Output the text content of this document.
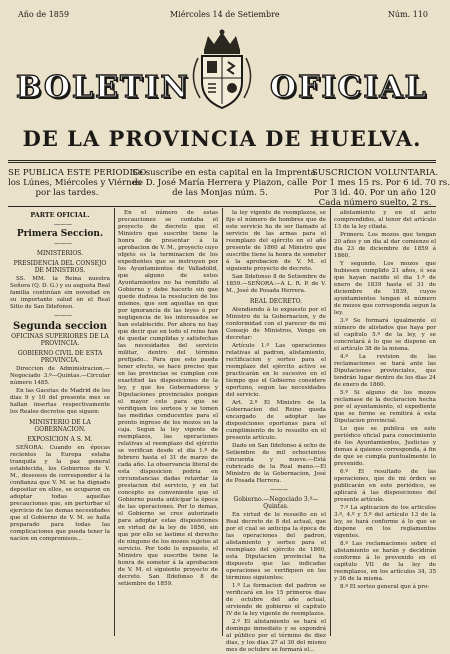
Año de 1859	Miércoles 14 de Setiembre	Núm. 110
BOLETIN	OFICIAL
DE LA PROVINCIA DE HUELVA.
SE PUBLICA ESTE PERIODICO
los Lúnes, Miércoles y Viérnes
por las tardes.
Se suscribe en esta capital en la Imprenta
de D. José María Herrera y Piazon, calle
de las Monjas núm. 5.
SUSCRICION VOLUNTARIA.
Por 1 mes 15 rs. Por 6 id. 70 rs.
Por 3 id. 40. Por un año 120
Cada número suelto, 2 rs.

PARTE OFICIAL.

———

Primera Seccion.

———

MINISTERIOS.

PRESIDENCIA DEL CONSEJO DE MINISTROS.

SS. MM. la Reina nuestra Señora (Q. D. G.) y su augusta Real familia continúan sin novedad en su importante salud en el Real Sitio de San Ildefonso.

———

Segunda seccion

OFICINAS SUPERIORES DE LA PROVINCIA.

GOBIERNO CIVIL DE ESTA PROVINCIA.

Direccion de Administracion.—Negociado 3.º—Quintas.—Circular número 1485.

En las Gacetas de Madrid de los dias 9 y 10 del presente mes se hallan insertas respectivamente los Reales decretos que siguen:

MINISTERIO DE LA GOBERNACION.

EXPOSICION A S. M.

SEÑORA: Cuando en épocas recientes la Europa estaba tranquila y la paz general establecida, los Gobiernos de V. M., deseosos de corresponder á la confianza que V. M. se ha dignado depositar en ellos, se ocuparon en adoptar todas aquellas precauciones que, sin perturbar el ejercicio de las demas necesidades que el Gobierno de V. M. se halla preparado para todas las complicaciones que pueda tener la nacion en compromisos...

En el número de estas precauciones se contaba el proyecto de decreto que el Ministro que suscribe tiene la honra de presentar á la aprobacion de V. M., proyecto cuyo objeto es la terminacion de los expedientes que se instruyen por los Ayuntamientos de Valladolid, que alguno de estos Ayuntamientos no ha remitido al Gobierno y debe hacerlo sin que quede dudosa la resolucion de los mismos, que son aquellas en que por ignorancia de las leyes ó por negligencia de los interesados se han establecido. Por ahora no hay que decir que en todo el reino han de quedar cumplidas y satisfechas las necesidades del servicio militar, dentro del término prefijado... Para que esto pueda tener efecto, se hace preciso que en las provincias se cumplan con exactitud las disposiciones de la ley, y que los Gobernadores y Diputaciones provinciales pongan el mayor celo para que se verifiquen los sorteos y se tomen las medidas conducentes para el pronto ingreso de los mozos en la caja. Segun la ley vigente de reemplazos, las operaciones relativas al reemplazo del ejército se verifican desde el dia 1.º de febrero hasta el 31 de marzo de cada año. La observancia literal de esta disposicion podria en circunstancias dadas retardar la prestacion del servicio, y en tal concepto es conveniente que el Gobierno pueda anticipar la época de las operaciones. Por lo demas, el Gobierno se cree autorizado para adoptar estas disposiciones en virtud de la ley de 1856, sin que por ello se lastime el derecho de ninguno de los mozos sujetos al servicio. Por todo lo expuesto, el Ministro que suscribe tiene la honra de someter á la aprobacion de V. M. el siguiente proyecto de decreto. San Ildefonso 8 de setiembre de 1859.

la ley vigente de reemplazos, se fije el número de hombres que de este servicio ha de ser llamado al servicio de las armas para el reemplazo del ejército en el año presente de 1860 al Ministro que suscribe tiene la honra de someter á la aprobacion de V. M. el siguiente proyecto de decreto.

San Ildefonso 8 de Setiembre de 1859.—SEÑORA.—A L. R. P. de V. M., José de Posada Herrera.

REAL DECRETO.

Atendiendo á lo expuesto por el Ministro de la Gobernacion, y de conformidad con el parecer de mi Consejo de Ministros, Vengo en decretar:

Artículo 1.º Las operaciones relativas al padron, alistamiento, rectificacion y sorteo para el reemplazo del ejército activo se practicarán en lo sucesivo en el tiempo que el Gobierno considere oportuno, segun las necesidades del servicio.

Art. 2.º El Ministro de la Gobernacion del Reino queda encargado de adoptar las disposiciones oportunas para el cumplimiento de lo resuelto en el presente artículo.

Dado en San Ildefonso á ocho de Setiembre de mil ochocientos cincuenta y nueve.—Está rubricado de la Real mano.—El Ministro de la Gobernacion, José de Posada Herrera.

———

Gobierno.—Negociado 3.º—Quintas.

En virtud de lo resuelto en el Real decreto de 8 del actual, que por el cual se anticipa la época de las operaciones del padron, alistamiento y sorteo para el reemplazo del ejército de 1860, esta Diputacion provincial ha dispuesto que las indicadas operaciones se verifiquen en los términos siguientes:

1.º La formacion del padron se verificará en los 15 primeros dias de octubre del año actual, sirviendo de gobierno el capitulo IV de la ley vigente de reemplazos.

2.º El alistamiento se hará el domingo inmediato y se expondrá al público por el término de diez dias, y los dias 27 al 30 del mismo mes de octubre se formará el...

alistamiento y en el acto comprendidos, al tenor del artículo 13 de la ley citada.

Primero. Los mozos que tengan 20 años y un dia al dar comienzo el dia 23 de diciembre de 1859 á 1860.

Y segundo. Los mozos que hubiesen cumplido 21 años, ó sea que hayan nacido el dia 1.º de enero de 1839 hasta el 31 de diciembre de 1839, cuyos ayuntamientos tengan el número de mozos que corresponda segun la ley.

3.º Se formará igualmente el número de alistados que haya por el capitulo 5.º de la ley, y se concretará á lo que se dispone en el artículo 38 de la misma.

4.º La revision de las reclamaciones se hará ante las Diputaciones provinciales, que tendrán lugar dentro de los dias 24 de enero de 1860.

5.º Si alguno de los mozos reclamase de la declaracion hecha por el ayuntamiento, el expediente que se forme se remitirá á esta Diputacion provincial.

Lo que se publica en este periódico oficial para conocimiento de los Ayuntamientos, Justicias y demas á quienes corresponda, á fin de que se cumpla puntualmente lo prevenido.

6.º El resultado de las operaciones, que de mi órden se publicarán en este periódico, se aplicará á las disposiciones del presente artículo.

7.º La aplicacion de los articulos 3.º, 4.º y 5.º del artículo 13 de la ley, se hará conforme á lo que se dispone en los reglamentos vigentes.

8.º Las reclamaciones sobre el alistamiento se harán y decidirán conforme á lo prevenido en el capitulo VII de la ley de reemplazos, en los artículos 34, 35 y 36 de la misma.

8.º El sorteo general que á pro-
